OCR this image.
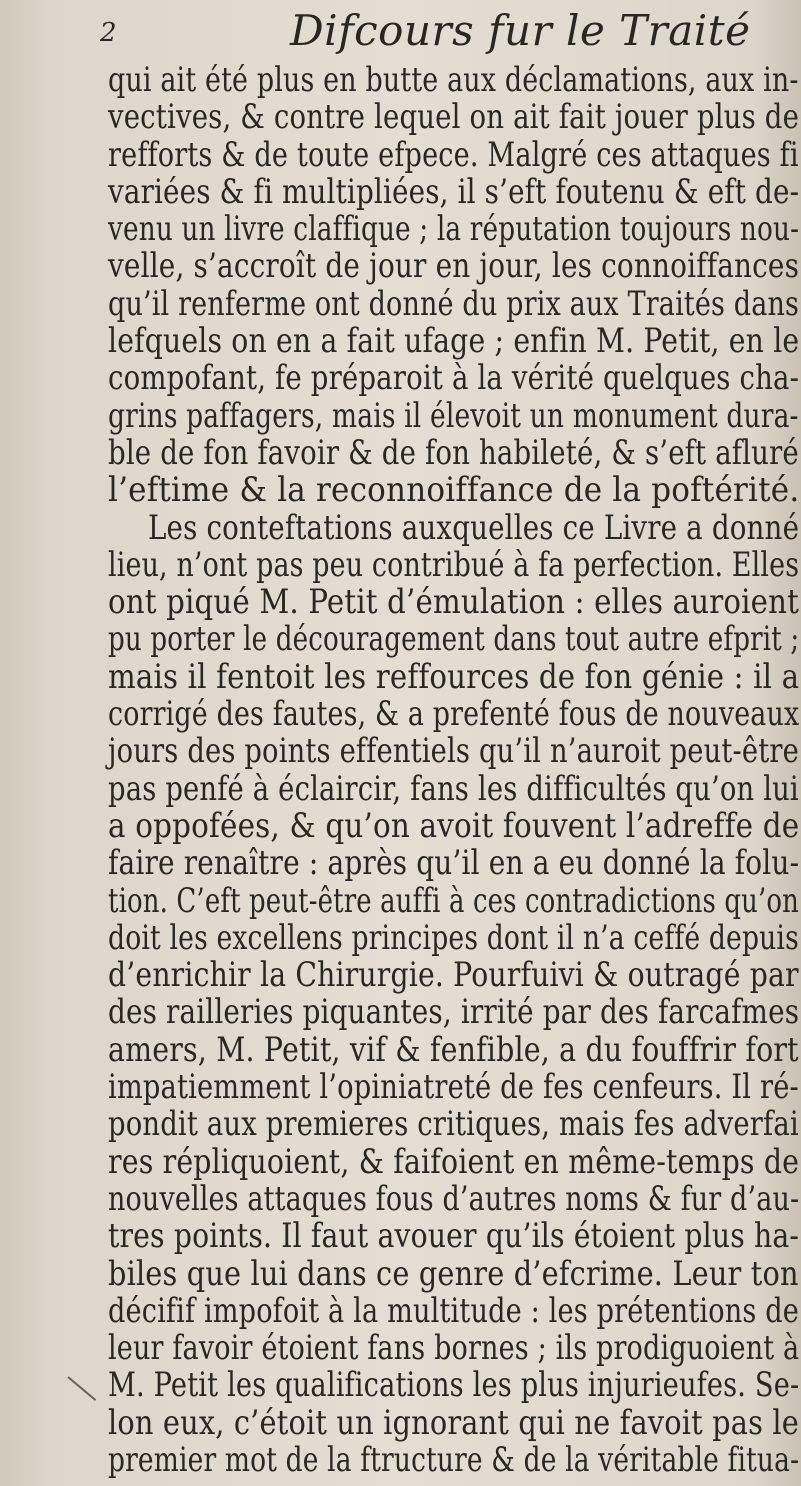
2	Difcours fur le Traité
qui ait été plus en butte aux déclamations, aux in-
vectives, & contre lequel on ait fait jouer plus de
refforts & de toute efpece. Malgré ces attaques fi
variées & fi multipliées, il s’eft foutenu & eft de-
venu un livre claffique ; la réputation toujours nou-
velle, s’accroît de jour en jour, les connoiffances
qu’il renferme ont donné du prix aux Traités dans
lefquels on en a fait ufage ; enfin M. Petit, en le
compofant, fe préparoit à la vérité quelques cha-
grins paffagers, mais il élevoit un monument dura-
ble de fon favoir & de fon habileté, & s’eft afluré
l’eftime & la reconnoiffance de la poftérité.
Les conteftations auxquelles ce Livre a donné
lieu, n’ont pas peu contribué à fa perfection. Elles
ont piqué M. Petit d’émulation : elles auroient
pu porter le découragement dans tout autre efprit ;
mais il fentoit les reffources de fon génie : il a
corrigé des fautes, & a prefenté fous de nouveaux
jours des points effentiels qu’il n’auroit peut-être
pas penfé à éclaircir, fans les difficultés qu’on lui
a oppofées, & qu’on avoit fouvent l’adreffe de
faire renaître : après qu’il en a eu donné la folu-
tion. C’eft peut-être auffi à ces contradictions qu’on
doit les excellens principes dont il n’a ceffé depuis
d’enrichir la Chirurgie. Pourfuivi & outragé par
des railleries piquantes, irrité par des farcafmes
amers, M. Petit, vif & fenfible, a du fouffrir fort
impatiemment l’opiniatreté de fes cenfeurs. Il ré-
pondit aux premieres critiques, mais fes adverfai
res répliquoient, & faifoient en même-temps de
nouvelles attaques fous d’autres noms & fur d’au-
tres points. Il faut avouer qu’ils étoient plus ha-
biles que lui dans ce genre d’efcrime. Leur ton
décifif impofoit à la multitude : les prétentions de
leur favoir étoient fans bornes ; ils prodiguoient à
M. Petit les qualifications les plus injurieufes. Se-
lon eux, c’étoit un ignorant qui ne favoit pas le
premier mot de la ftructure & de la véritable fitua-
